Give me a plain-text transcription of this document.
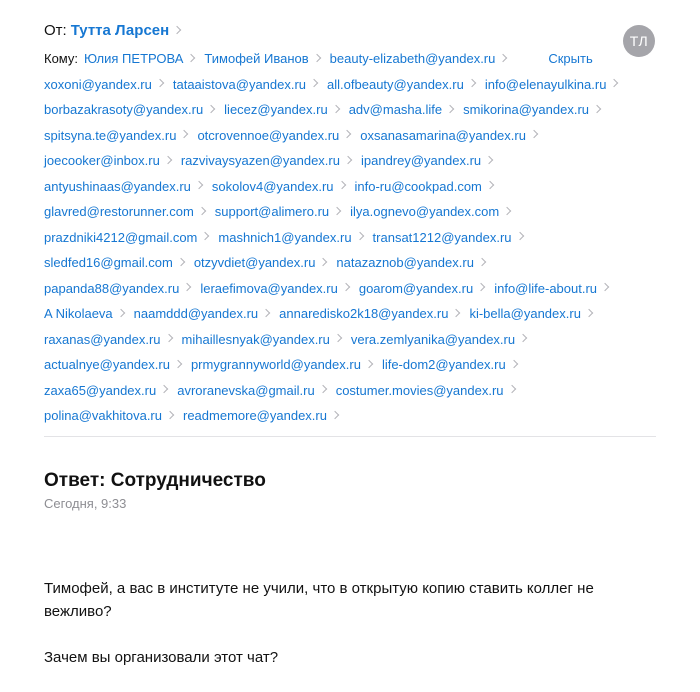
От: Тутта Ларсен
ТЛ
Кому: Юлия ПЕТРОВА Тимофей Иванов beauty-elizabeth@yandex.ru	Скрыть
xoxoni@yandex.ru tataaistova@yandex.ru all.ofbeauty@yandex.ru info@elenayulkina.ru
borbazakrasoty@yandex.ru liecez@yandex.ru adv@masha.life smikorina@yandex.ru
spitsyna.te@yandex.ru otcrovennoe@yandex.ru oxsanasamarina@yandex.ru
joecooker@inbox.ru razvivaysyazen@yandex.ru ipandrey@yandex.ru
antyushinaas@yandex.ru sokolov4@yandex.ru info-ru@cookpad.com
glavred@restorunner.com support@alimero.ru ilya.ognevo@yandex.com
prazdniki4212@gmail.com mashnich1@yandex.ru transat1212@yandex.ru
sledfed16@gmail.com otzyvdiet@yandex.ru natazaznob@yandex.ru
papanda88@yandex.ru leraefimova@yandex.ru goarom@yandex.ru info@life-about.ru
A Nikolaeva naamddd@yandex.ru annaredisko2k18@yandex.ru ki-bella@yandex.ru
raxanas@yandex.ru mihaillesnyak@yandex.ru vera.zemlyanika@yandex.ru
actualnye@yandex.ru prmygrannyworld@yandex.ru life-dom2@yandex.ru
zaxa65@yandex.ru avroranevska@gmail.ru costumer.movies@yandex.ru
polina@vakhitova.ru readmemore@yandex.ru
Ответ: Сотрудничество
Сегодня, 9:33

Тимофей, а вас в институте не учили, что в открытую копию ставить коллег не вежливо?

Зачем вы организовали этот чат?
